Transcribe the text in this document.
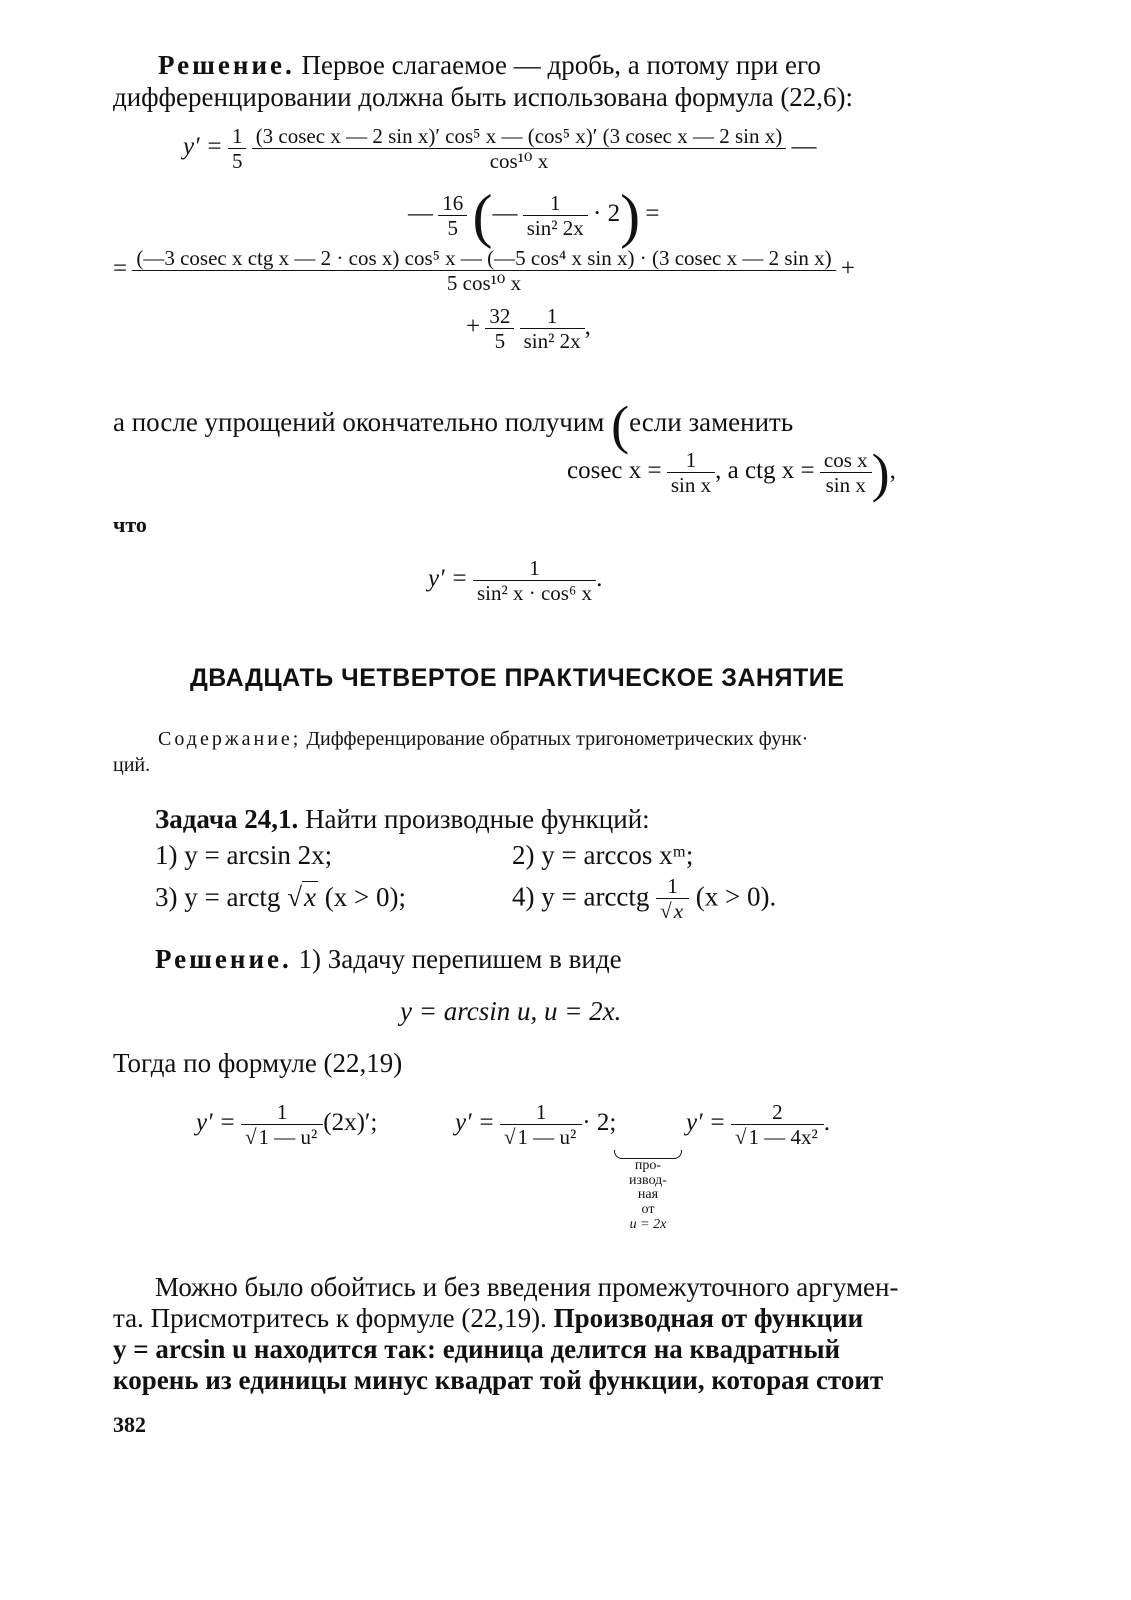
Решение. Первое слагаемое — дробь, а потому при его
дифференцировании должна быть использована формула (22,6):
$y' = \frac{1}{5}$
(3 cosec x — 2 sin x)′ cos⁵ x — (cos⁵ x)′ (3 cosec x — 2 sin x)
cos¹⁰ x
—
— $\frac{16}{5}$ (— $\frac{1}{\text{sin² 2x}} \cdot 2$) =
= (—3 cosec x ctg x — 2 · cos x) cos⁵ x — (—5 cos⁴ x sin x) · (3 cosec x — 2 sin x)
5 cos¹⁰ x
+
+ $\frac{32}{5}$
$\frac{1}{\text{sin² 2x}}$ ,
а после упрощений окончательно получим (если заменить
cosec $x = \frac{1}{\text{sin x}}$ , а ctg $x = \frac{\text{cos x}}{\text{sin x}}$ ),
что
$y' = \frac{1}{\text{sin² x · cos⁶ x}}$ .
ДВАДЦАТЬ ЧЕТВЕРТОЕ ПРАКТИЧЕСКОЕ ЗАНЯТИЕ
Содержание; Дифференцирование обратных тригонометрических функ·
ций.
Задача 24,1. Найти производные функций:
1) y = arcsin 2x;	2) y = arccos xᵐ;
3) y = arctg √x (x > 0);	4) y = arcctg $\frac{1}{√x} (x > 0)$.
Решение. 1) Задачу перепишем в виде
y = arcsin u, u = 2x.
Тогда по формуле (22,19)
$y' = \frac{1}{\text{√1 — u²}} (2x)'$;	$y' = \frac{1}{\text{√1 — u²}} \cdot 2$;
про-
извод-
ная
от
u = 2x
$y' = \frac{2}{\text{√1 — 4x²}}$ .
Можно было обойтись и без введения промежуточного аргумен-
та. Присмотритесь к формуле (22,19). Производная от функции
y = arcsin u находится так: единица делится на квадратный
корень из единицы минус квадрат той функции, которая стоит
382
